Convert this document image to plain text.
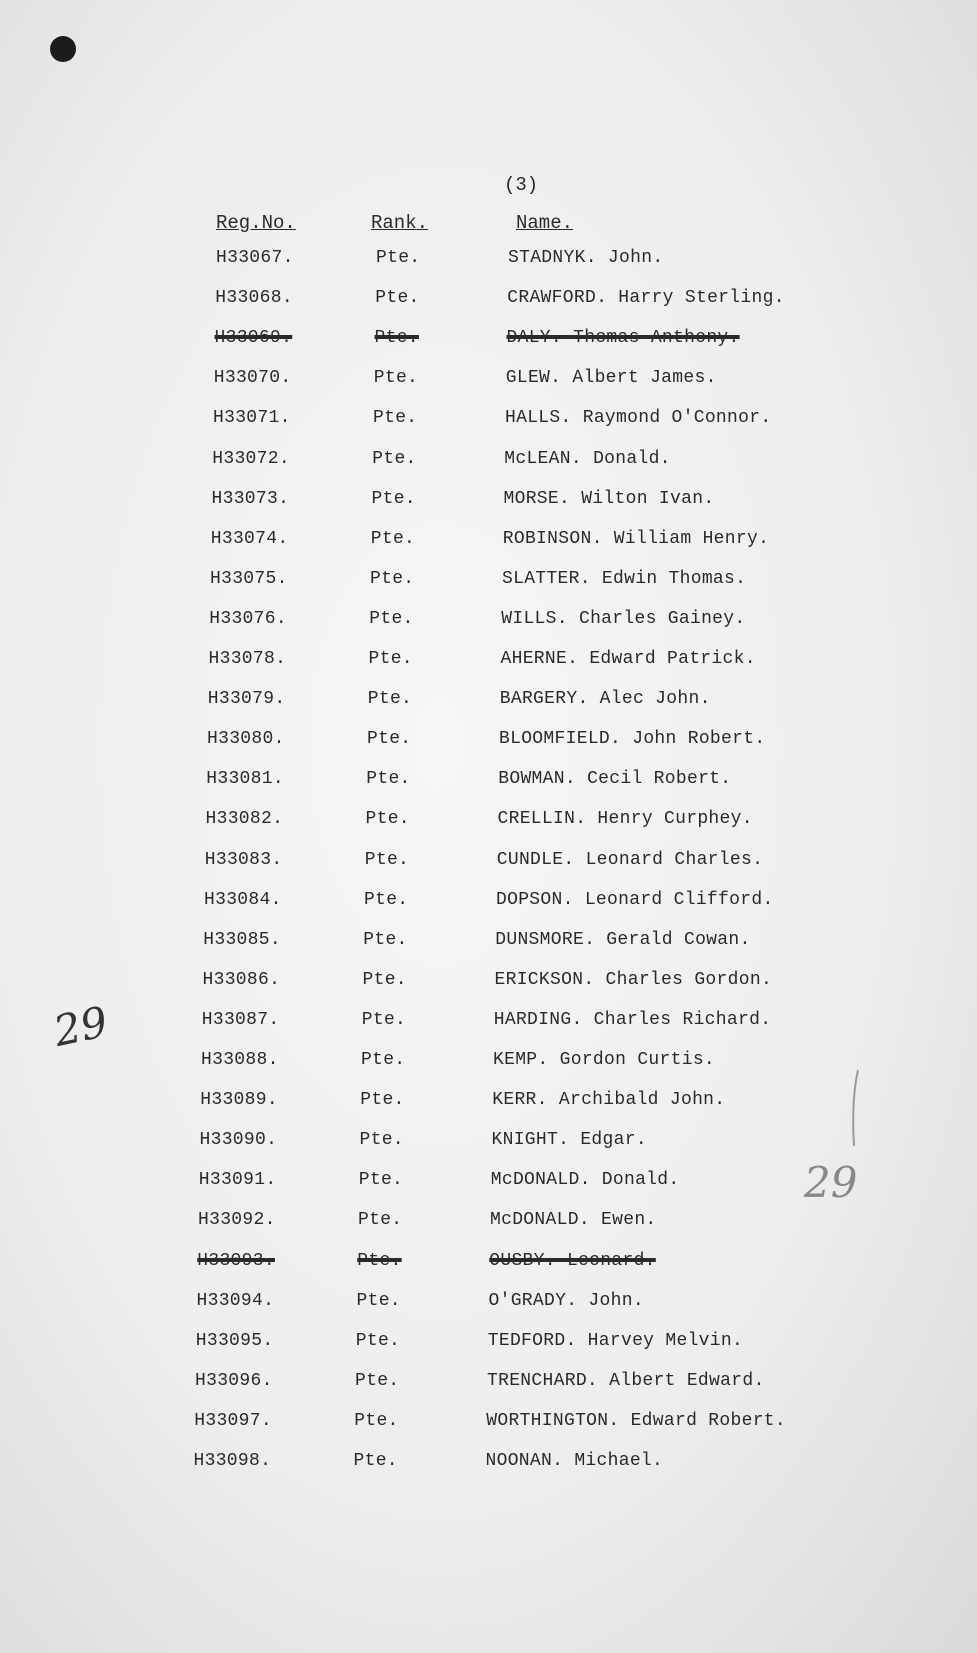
(3)
Reg.No.	Rank.	Name.
H33067.	Pte.	STADNYK. John.
H33068.	Pte.	CRAWFORD. Harry Sterling.
H33069.	Pte.	DALY. Thomas Anthony.
H33070.	Pte.	GLEW. Albert James.
H33071.	Pte.	HALLS. Raymond O'Connor.
H33072.	Pte.	McLEAN. Donald.
H33073.	Pte.	MORSE. Wilton Ivan.
H33074.	Pte.	ROBINSON. William Henry.
H33075.	Pte.	SLATTER. Edwin Thomas.
H33076.	Pte.	WILLS. Charles Gainey.
H33078.	Pte.	AHERNE. Edward Patrick.
H33079.	Pte.	BARGERY. Alec John.
H33080.	Pte.	BLOOMFIELD. John Robert.
H33081.	Pte.	BOWMAN. Cecil Robert.
H33082.	Pte.	CRELLIN. Henry Curphey.
H33083.	Pte.	CUNDLE. Leonard Charles.
H33084.	Pte.	DOPSON. Leonard Clifford.
H33085.	Pte.	DUNSMORE. Gerald Cowan.
H33086.	Pte.	ERICKSON. Charles Gordon.
H33087.	Pte.	HARDING. Charles Richard.
H33088.	Pte.	KEMP. Gordon Curtis.
H33089.	Pte.	KERR. Archibald John.
H33090.	Pte.	KNIGHT. Edgar.
H33091.	Pte.	McDONALD. Donald.
H33092.	Pte.	McDONALD. Ewen.
H33093.	Pte.	OUSBY. Leonard.
H33094.	Pte.	O'GRADY. John.
H33095.	Pte.	TEDFORD. Harvey Melvin.
H33096.	Pte.	TRENCHARD. Albert Edward.
H33097.	Pte.	WORTHINGTON. Edward Robert.
H33098.	Pte.	NOONAN. Michael.
29
29
